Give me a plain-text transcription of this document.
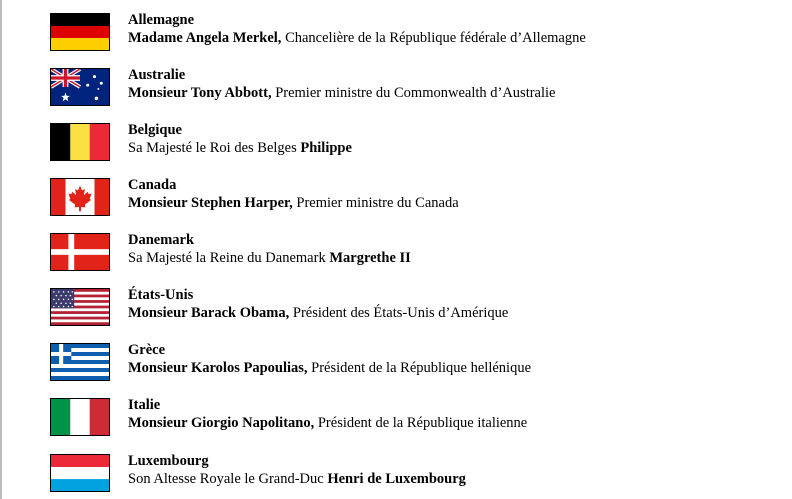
Allemagne
Madame Angela Merkel, Chancelière de la République fédérale d’Allemagne
Australie
Monsieur Tony Abbott, Premier ministre du Commonwealth d’Australie
Belgique
Sa Majesté le Roi des Belges Philippe
Canada
Monsieur Stephen Harper, Premier ministre du Canada
Danemark
Sa Majesté la Reine du Danemark Margrethe II
États-Unis
Monsieur Barack Obama, Président des États-Unis d’Amérique
Grèce
Monsieur Karolos Papoulias, Président de la République hellénique
Italie
Monsieur Giorgio Napolitano, Président de la République italienne
Luxembourg
Son Altesse Royale le Grand-Duc Henri de Luxembourg
